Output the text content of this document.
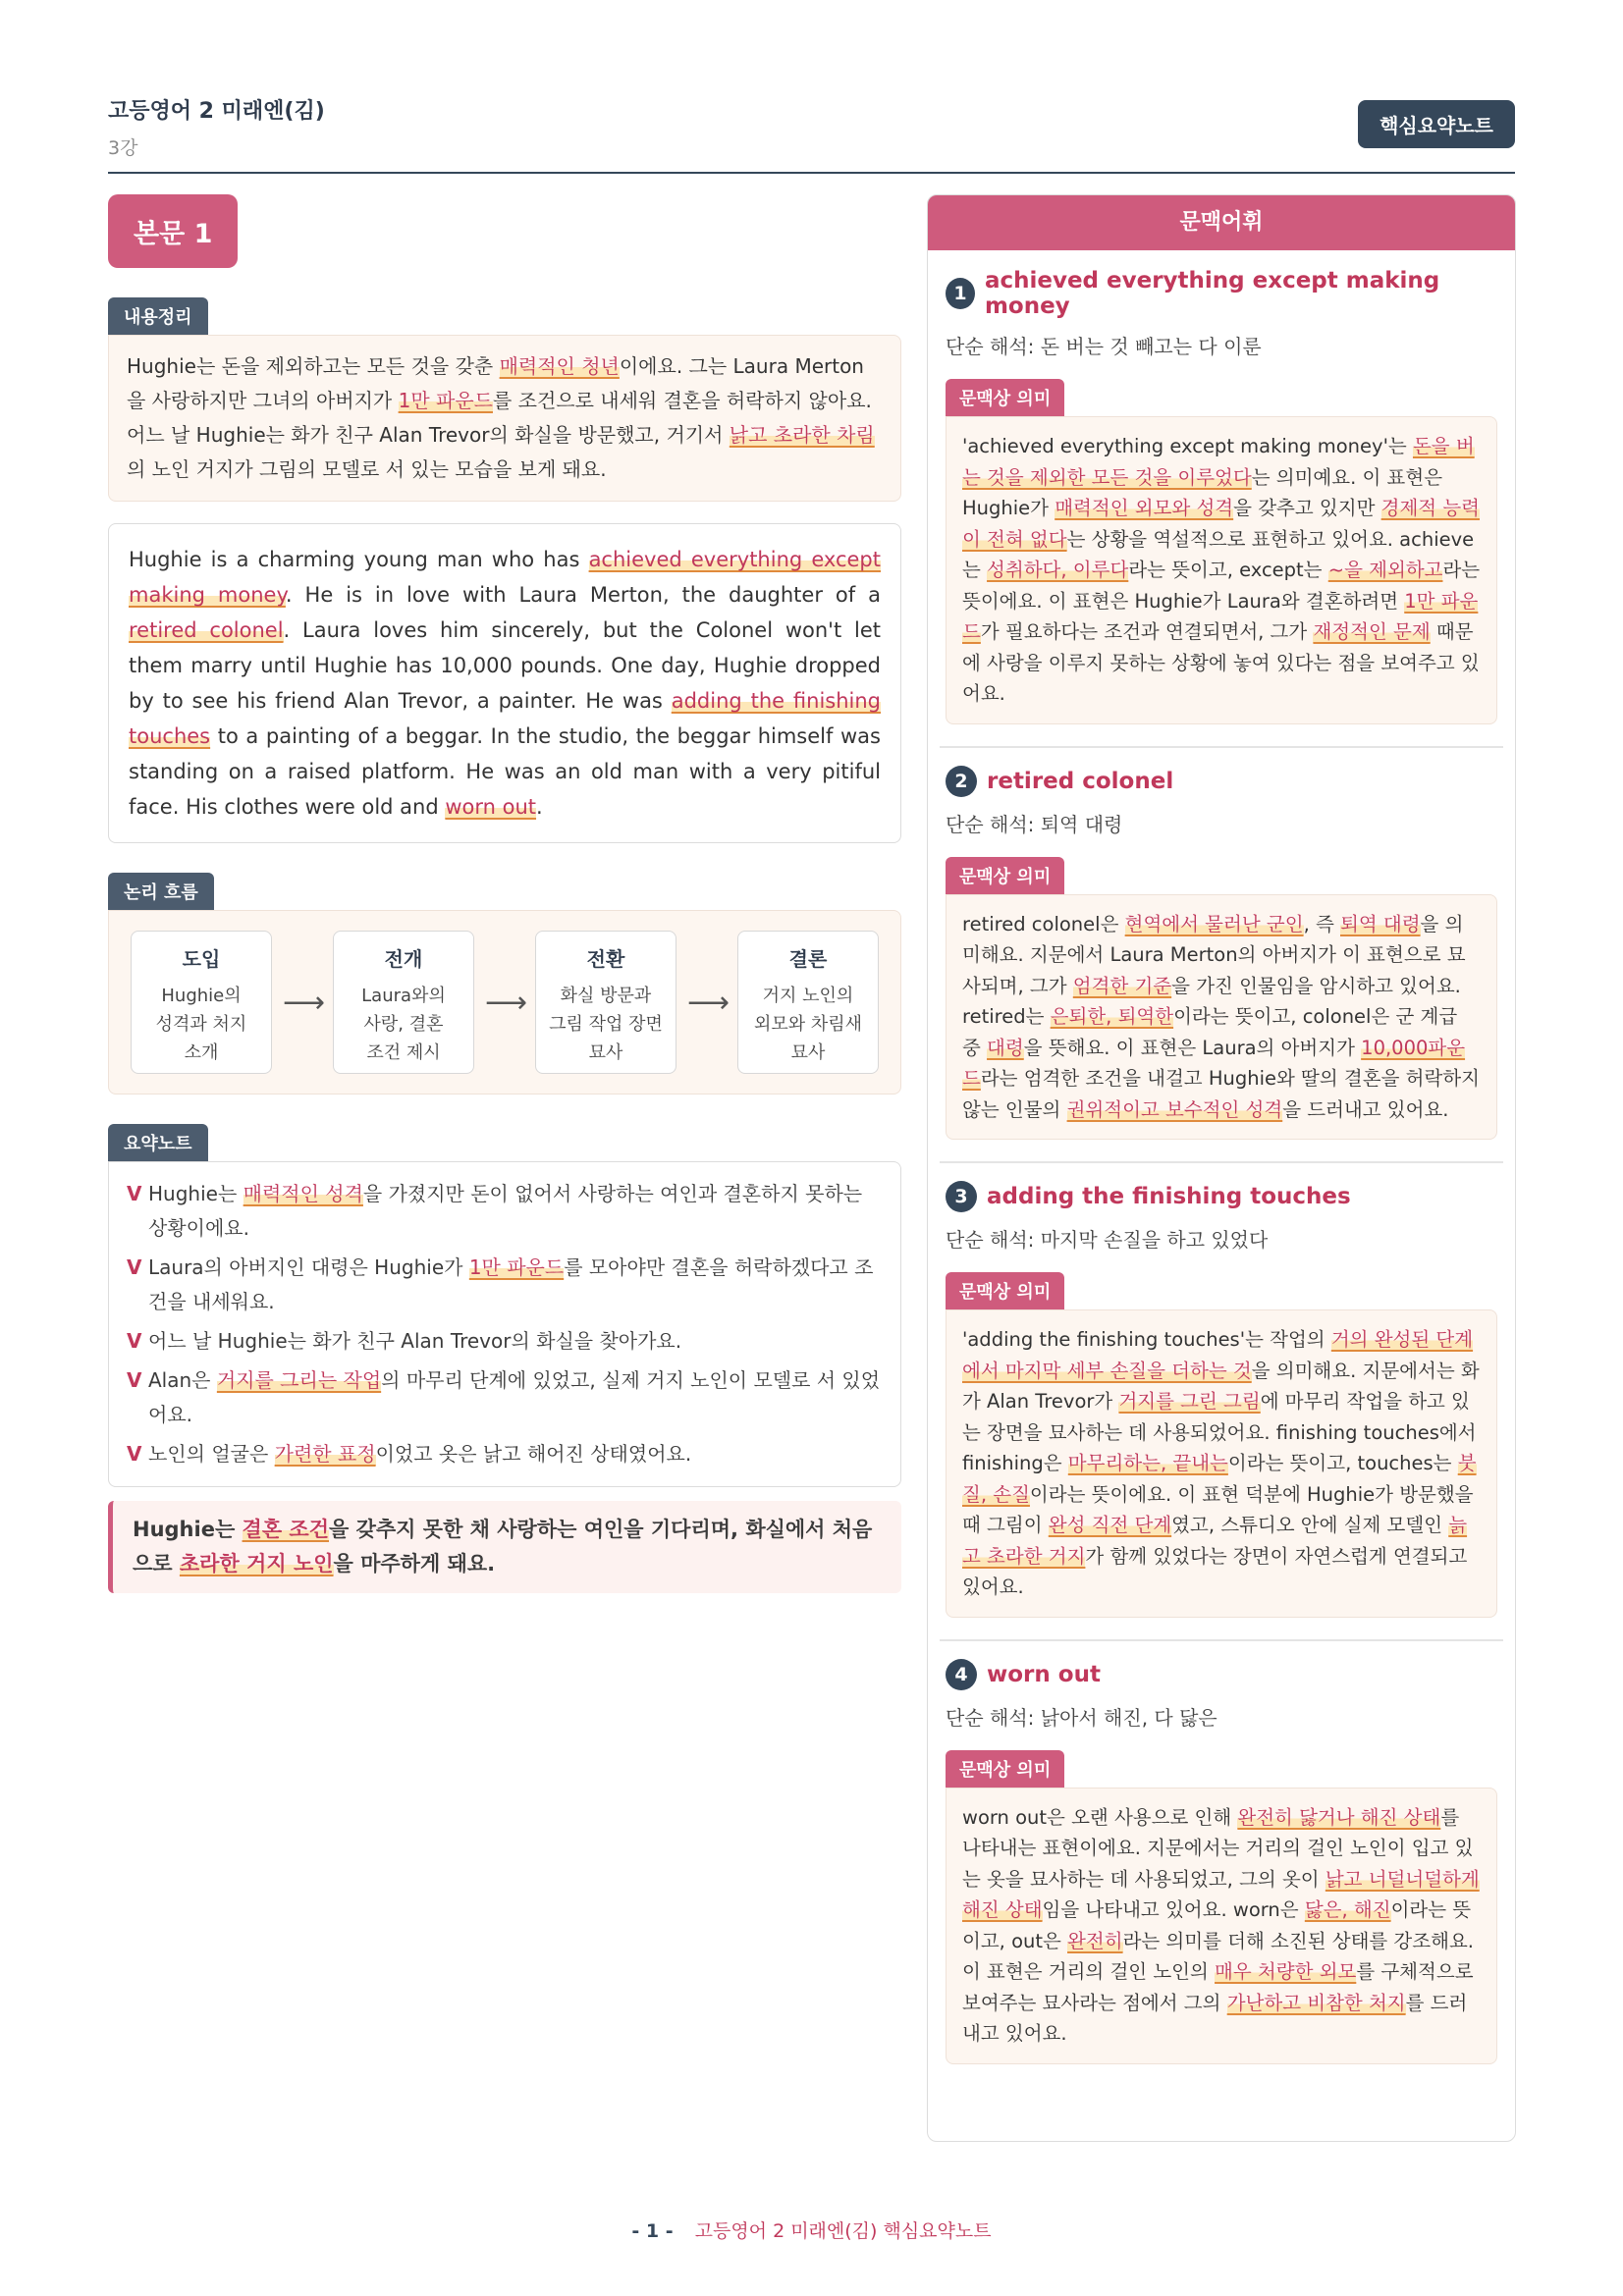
고등영어 2 미래엔(김)
3강
핵심요약노트
본문 1
내용정리
Hughie는 돈을 제외하고는 모든 것을 갖춘 매력적인 청년이에요. 그는 Laura Merton을 사랑하지만 그녀의 아버지가 1만 파운드를 조건으로 내세워 결혼을 허락하지 않아요. 어느 날 Hughie는 화가 친구 Alan Trevor의 화실을 방문했고, 거기서 낡고 초라한 차림의 노인 거지가 그림의 모델로 서 있는 모습을 보게 돼요.
Hughie is a charming young man who has achieved everything except making money. He is in love with Laura Merton, the daughter of a retired colonel. Laura loves him sincerely, but the Colonel won't let them marry until Hughie has 10,000 pounds. One day, Hughie dropped by to see his friend Alan Trevor, a painter. He was adding the finishing touches to a painting of a beggar. In the studio, the beggar himself was standing on a raised platform. He was an old man with a very pitiful face. His clothes were old and worn out.
논리 흐름
도입
Hughie의
성격과 처지
소개
⟶
전개
Laura와의
사랑, 결혼
조건 제시
⟶
전환
화실 방문과
그림 작업 장면
묘사
⟶
결론
거지 노인의
외모와 차림새
묘사
요약노트
V Hughie는 매력적인 성격을 가졌지만 돈이 없어서 사랑하는 여인과 결혼하지 못하는 상황이에요.
V Laura의 아버지인 대령은 Hughie가 1만 파운드를 모아야만 결혼을 허락하겠다고 조건을 내세워요.
V 어느 날 Hughie는 화가 친구 Alan Trevor의 화실을 찾아가요.
V Alan은 거지를 그리는 작업의 마무리 단계에 있었고, 실제 거지 노인이 모델로 서 있었어요.
V 노인의 얼굴은 가련한 표정이었고 옷은 낡고 해어진 상태였어요.
Hughie는 결혼 조건을 갖추지 못한 채 사랑하는 여인을 기다리며, 화실에서 처음으로 초라한 거지 노인을 마주하게 돼요.
문맥어휘
1 achieved everything except making money
단순 해석: 돈 버는 것 빼고는 다 이룬
문맥상 의미
'achieved everything except making money'는 돈을 버는 것을 제외한 모든 것을 이루었다는 의미예요. 이 표현은 Hughie가 매력적인 외모와 성격을 갖추고 있지만 경제적 능력이 전혀 없다는 상황을 역설적으로 표현하고 있어요. achieve는 성취하다, 이루다라는 뜻이고, except는 ~을 제외하고라는 뜻이에요. 이 표현은 Hughie가 Laura와 결혼하려면 1만 파운드가 필요하다는 조건과 연결되면서, 그가 재정적인 문제 때문에 사랑을 이루지 못하는 상황에 놓여 있다는 점을 보여주고 있어요.
2 retired colonel
단순 해석: 퇴역 대령
문맥상 의미
retired colonel은 현역에서 물러난 군인, 즉 퇴역 대령을 의미해요. 지문에서 Laura Merton의 아버지가 이 표현으로 묘사되며, 그가 엄격한 기준을 가진 인물임을 암시하고 있어요. retired는 은퇴한, 퇴역한이라는 뜻이고, colonel은 군 계급 중 대령을 뜻해요. 이 표현은 Laura의 아버지가 10,000파운드라는 엄격한 조건을 내걸고 Hughie와 딸의 결혼을 허락하지 않는 인물의 권위적이고 보수적인 성격을 드러내고 있어요.
3 adding the finishing touches
단순 해석: 마지막 손질을 하고 있었다
문맥상 의미
'adding the finishing touches'는 작업의 거의 완성된 단계에서 마지막 세부 손질을 더하는 것을 의미해요. 지문에서는 화가 Alan Trevor가 거지를 그린 그림에 마무리 작업을 하고 있는 장면을 묘사하는 데 사용되었어요. finishing touches에서 finishing은 마무리하는, 끝내는이라는 뜻이고, touches는 붓질, 손질이라는 뜻이에요. 이 표현 덕분에 Hughie가 방문했을 때 그림이 완성 직전 단계였고, 스튜디오 안에 실제 모델인 늙고 초라한 거지가 함께 있었다는 장면이 자연스럽게 연결되고 있어요.
4 worn out
단순 해석: 낡아서 해진, 다 닳은
문맥상 의미
worn out은 오랜 사용으로 인해 완전히 닳거나 해진 상태를 나타내는 표현이에요. 지문에서는 거리의 걸인 노인이 입고 있는 옷을 묘사하는 데 사용되었고, 그의 옷이 낡고 너덜너덜하게 해진 상태임을 나타내고 있어요. worn은 닳은, 해진이라는 뜻이고, out은 완전히라는 의미를 더해 소진된 상태를 강조해요. 이 표현은 거리의 걸인 노인의 매우 처량한 외모를 구체적으로 보여주는 묘사라는 점에서 그의 가난하고 비참한 처지를 드러내고 있어요.
- 1 - 고등영어 2 미래엔(김) 핵심요약노트
